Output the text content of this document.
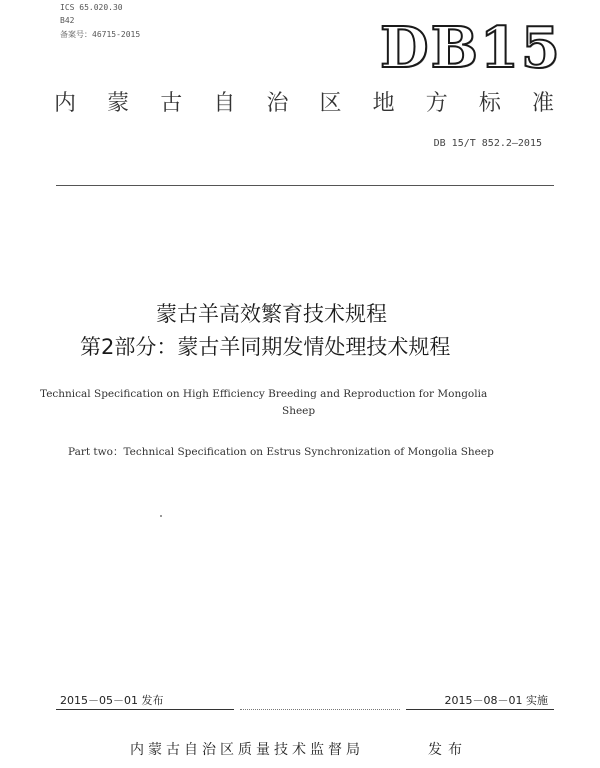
ICS 65.020.30
B42
备案号：46715-2015	DB15
内 蒙 古 自 治 区 地 方 标 准
DB 15/T 852.2—2015
蒙古羊高效繁育技术规程
第2部分：蒙古羊同期发情处理技术规程
Technical Specification on High Efficiency Breeding and Reproduction for Mongolia
Sheep
Part two：Technical Specification on Estrus Synchronization of Mongolia Sheep
2015－05－01 发布	2015－08－01 实施
内蒙古自治区质量技术监督局	发布
